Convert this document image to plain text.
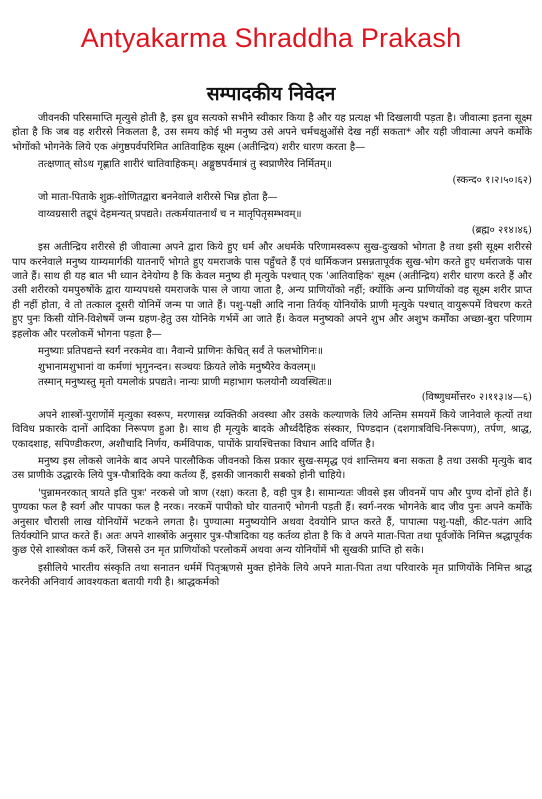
Antyakarma Shraddha Prakash
सम्पादकीय निवेदन

जीवनकी परिसमाप्ति मृत्युसे होती है, इस ध्रुव सत्यको सभीने स्वीकार किया है और यह प्रत्यक्ष भी दिखलायी पड़ता है। जीवात्मा इतना सूक्ष्म होता है कि जब वह शरीरसे निकलता है, उस समय कोई भी मनुष्य उसे अपने चर्मचक्षुओंसे देख नहीं सकता* और यही जीवात्मा अपने कर्मोंके भोगोंको भोगनेके लिये एक अंगुष्ठपर्वपरिमित आतिवाहिक सूक्ष्म (अतीन्द्रिय) शरीर धारण करता है—

तत्क्षणात् सोऽथ गृह्णाति शारीरं चातिवाहिकम्। अङ्गुष्ठपर्वमात्रं तु स्वप्राणैरेव निर्मितम्॥

(स्कन्द० १।२।५०।६२)

जो माता-पिताके शुक्र-शोणितद्वारा बननेवाले शरीरसे भिन्न होता है—

वाय्वग्रसारी तद्रूपं देहमन्यत् प्रपद्यते। तत्कर्मयातनार्थं च न मातृपितृसम्भवम्॥

(ब्रह्म० २१४।४६)

इस अतीन्द्रिय शरीरसे ही जीवात्मा अपने द्वारा किये हुए धर्म और अधर्मके परिणामस्वरूप सुख-दुःखको भोगता है तथा इसी सूक्ष्म शरीरसे पाप करनेवाले मनुष्य याम्यमार्गकी यातनाएँ भोगते हुए यमराजके पास पहुँचते हैं एवं धार्मिकजन प्रसन्नतापूर्वक सुख-भोग करते हुए धर्मराजके पास जाते हैं। साथ ही यह बात भी ध्यान देनेयोग्य है कि केवल मनुष्य ही मृत्युके पश्चात् एक 'आतिवाहिक' सूक्ष्म (अतीन्द्रिय) शरीर धारण करते हैं और उसी शरीरको यमपुरुषोंके द्वारा याम्यपथसे यमराजके पास ले जाया जाता है, अन्य प्राणियोंको नहीं; क्योंकि अन्य प्राणियोंको वह सूक्ष्म शरीर प्राप्त ही नहीं होता, वे तो तत्काल दूसरी योनिमें जन्म पा जाते हैं। पशु-पक्षी आदि नाना तिर्यक् योनियोंके प्राणी मृत्युके पश्चात् वायुरूपमें विचरण करते हुए पुनः किसी योनि-विशेषमें जन्म ग्रहण-हेतु उस योनिके गर्भमें आ जाते हैं। केवल मनुष्यको अपने शुभ और अशुभ कर्मोंका अच्छा-बुरा परिणाम इहलोक और परलोकमें भोगना पड़ता है—

मनुष्याः प्रतिपद्यन्ते स्वर्गं नरकमेव वा। नैवान्ये प्राणिनः केचित् सर्वं ते फलभोगिनः॥

शुभानामशुभानां वा कर्मणां भृगुनन्दन। सञ्चयः क्रियते लोके मनुष्यैरेव केवलम्॥

तस्मान् मनुष्यस्तु मृतो यमलोकं प्रपद्यते। नान्यः प्राणी महाभाग फलयोनौ व्यवस्थितः॥

(विष्णुधर्मोत्तर० २।११३।४—६)

अपने शास्त्रों-पुराणोंमें मृत्युका स्वरूप, मरणासन्न व्यक्तिकी अवस्था और उसके कल्याणके लिये अन्तिम समयमें किये जानेवाले कृत्यों तथा विविध प्रकारके दानों आदिका निरूपण हुआ है। साथ ही मृत्युके बादके और्ध्वदैहिक संस्कार, पिण्डदान (दशगात्रविधि-निरूपण), तर्पण, श्राद्ध, एकादशाह, सपिण्डीकरण, अशौचादि निर्णय, कर्मविपाक, पापोंके प्रायश्चित्तका विधान आदि वर्णित है।

मनुष्य इस लोकसे जानेके बाद अपने पारलौकिक जीवनको किस प्रकार सुख-समृद्ध एवं शान्तिमय बना सकता है तथा उसकी मृत्युके बाद उस प्राणीके उद्धारके लिये पुत्र-पौत्रादिके क्या कर्तव्य हैं, इसकी जानकारी सबको होनी चाहिये।

'पुन्नामनरकात् त्रायते इति पुत्रः' नरकसे जो त्राण (रक्षा) करता है, वही पुत्र है। सामान्यतः जीवसे इस जीवनमें पाप और पुण्य दोनों होते हैं। पुण्यका फल है स्वर्ग और पापका फल है नरक। नरकमें पापीको घोर यातनाएँ भोगनी पड़ती हैं। स्वर्ग-नरक भोगनेके बाद जीव पुनः अपने कर्मोंके अनुसार चौरासी लाख योनियोंमें भटकने लगता है। पुण्यात्मा मनुष्ययोनि अथवा देवयोनि प्राप्त करते हैं, पापात्मा पशु-पक्षी, कीट-पतंग आदि तिर्यक्योनि प्राप्त करते हैं। अतः अपने शास्त्रोंके अनुसार पुत्र-पौत्रादिका यह कर्तव्य होता है कि वे अपने माता-पिता तथा पूर्वजोंके निमित्त श्रद्धापूर्वक कुछ ऐसे शास्त्रोक्त कर्म करें, जिससे उन मृत प्राणियोंको परलोकमें अथवा अन्य योनियोंमें भी सुखकी प्राप्ति हो सके।

इसीलिये भारतीय संस्कृति तथा सनातन धर्ममें पितृऋणसे मुक्त होनेके लिये अपने माता-पिता तथा परिवारके मृत प्राणियोंके निमित्त श्राद्ध करनेकी अनिवार्य आवश्यकता बतायी गयी है। श्राद्धकर्मको
